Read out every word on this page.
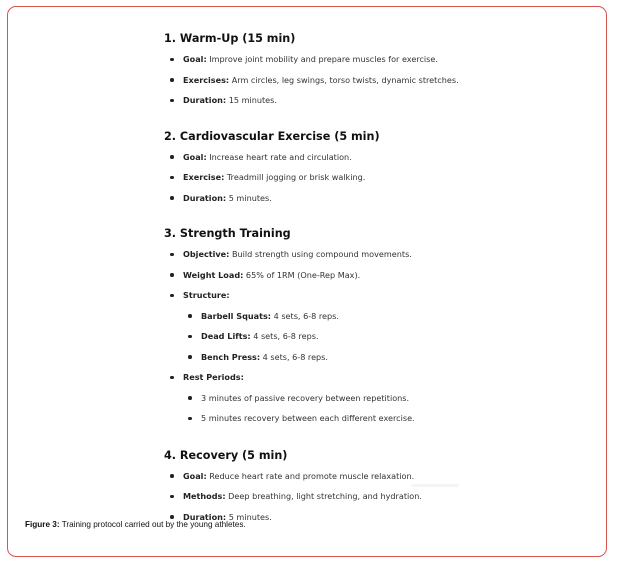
1. Warm-Up (15 min)
Goal: Improve joint mobility and prepare muscles for exercise.
Exercises: Arm circles, leg swings, torso twists, dynamic stretches.
Duration: 15 minutes.
2. Cardiovascular Exercise (5 min)
Goal: Increase heart rate and circulation.
Exercise: Treadmill jogging or brisk walking.
Duration: 5 minutes.
3. Strength Training
Objective: Build strength using compound movements.
Weight Load: 65% of 1RM (One-Rep Max).
Structure:
Barbell Squats: 4 sets, 6-8 reps.
Dead Lifts: 4 sets, 6-8 reps.
Bench Press: 4 sets, 6-8 reps.
Rest Periods:
3 minutes of passive recovery between repetitions.
5 minutes recovery between each different exercise.
4. Recovery (5 min)
Goal: Reduce heart rate and promote muscle relaxation.
Methods: Deep breathing, light stretching, and hydration.
Duration: 5 minutes.
Figure 3: Training protocol carried out by the young athletes.
